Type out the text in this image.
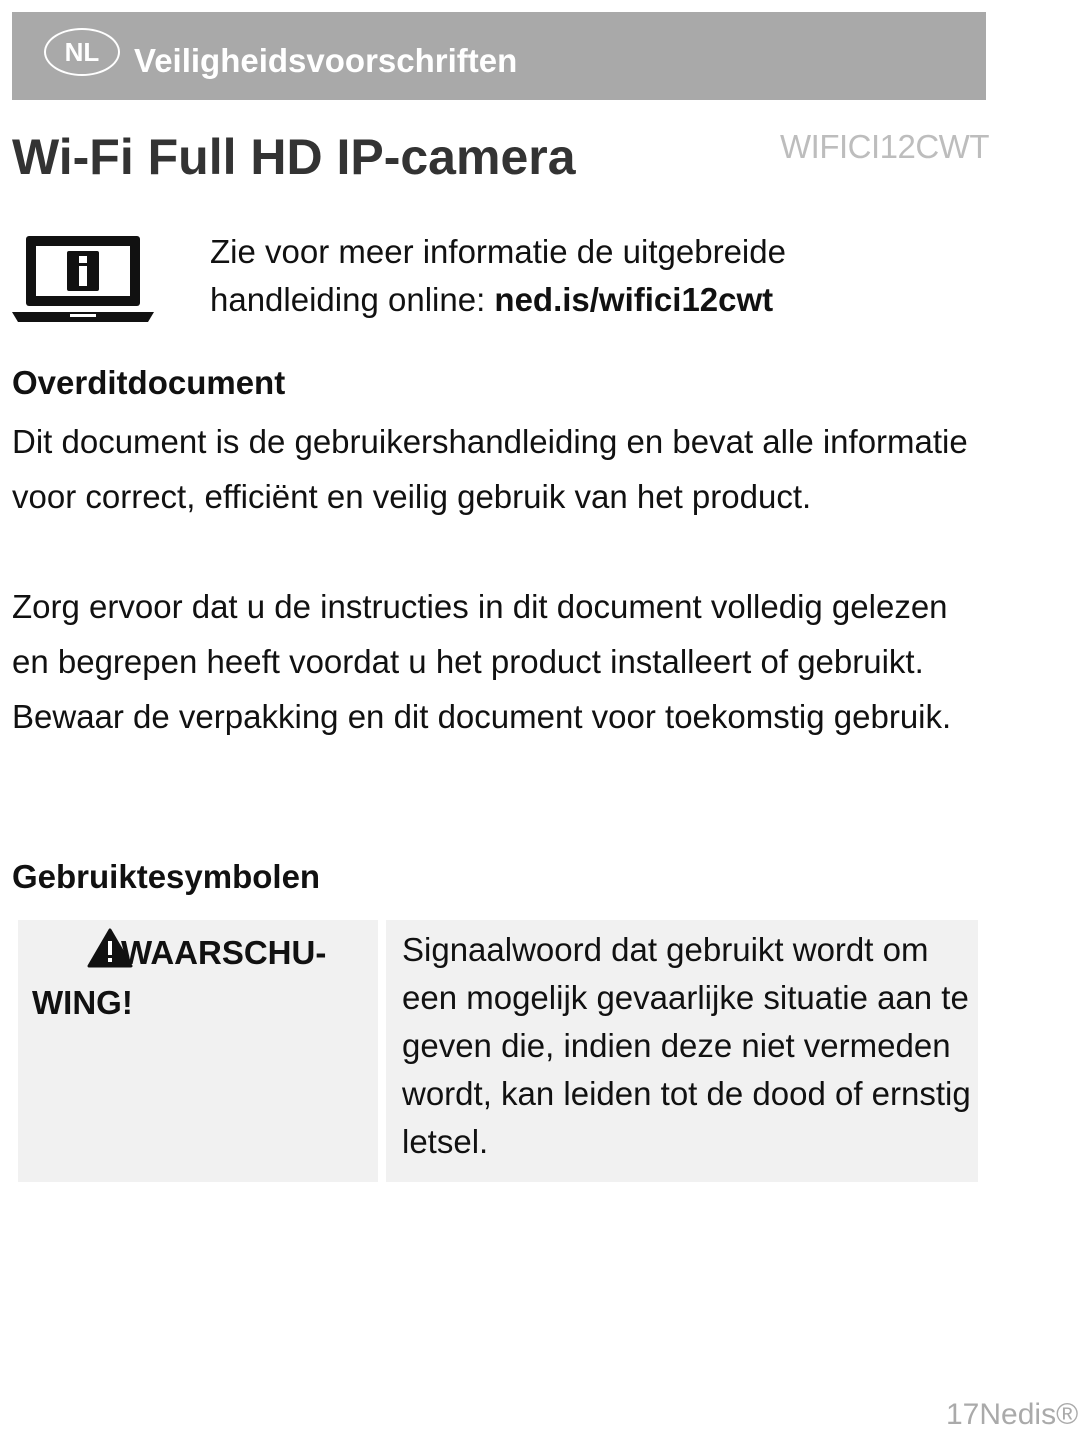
NL	Veiligheidsvoorschriften
Wi-Fi Full HD IP-camera	WIFICI12CWT
Zie voor meer informatie de uitgebreide
handleiding online: ned.is/wifici12cwt
Overditdocument

Dit document is de gebruikershandleiding en bevat alle informatie voor correct, efficiënt en veilig gebruik van het product.

Zorg ervoor dat u de instructies in dit document volledig gelezen en begrepen heeft voordat u het product installeert of gebruikt. Bewaar de verpakking en dit document voor toekomstig gebruik.

Gebruiktesymbolen
WAARSCHU-WING!
Signaalwoord dat gebruikt wordt om een mogelijk gevaarlijke situatie aan te geven die, indien deze niet vermeden wordt, kan leiden tot de dood of ernstig letsel.
17Nedis®
